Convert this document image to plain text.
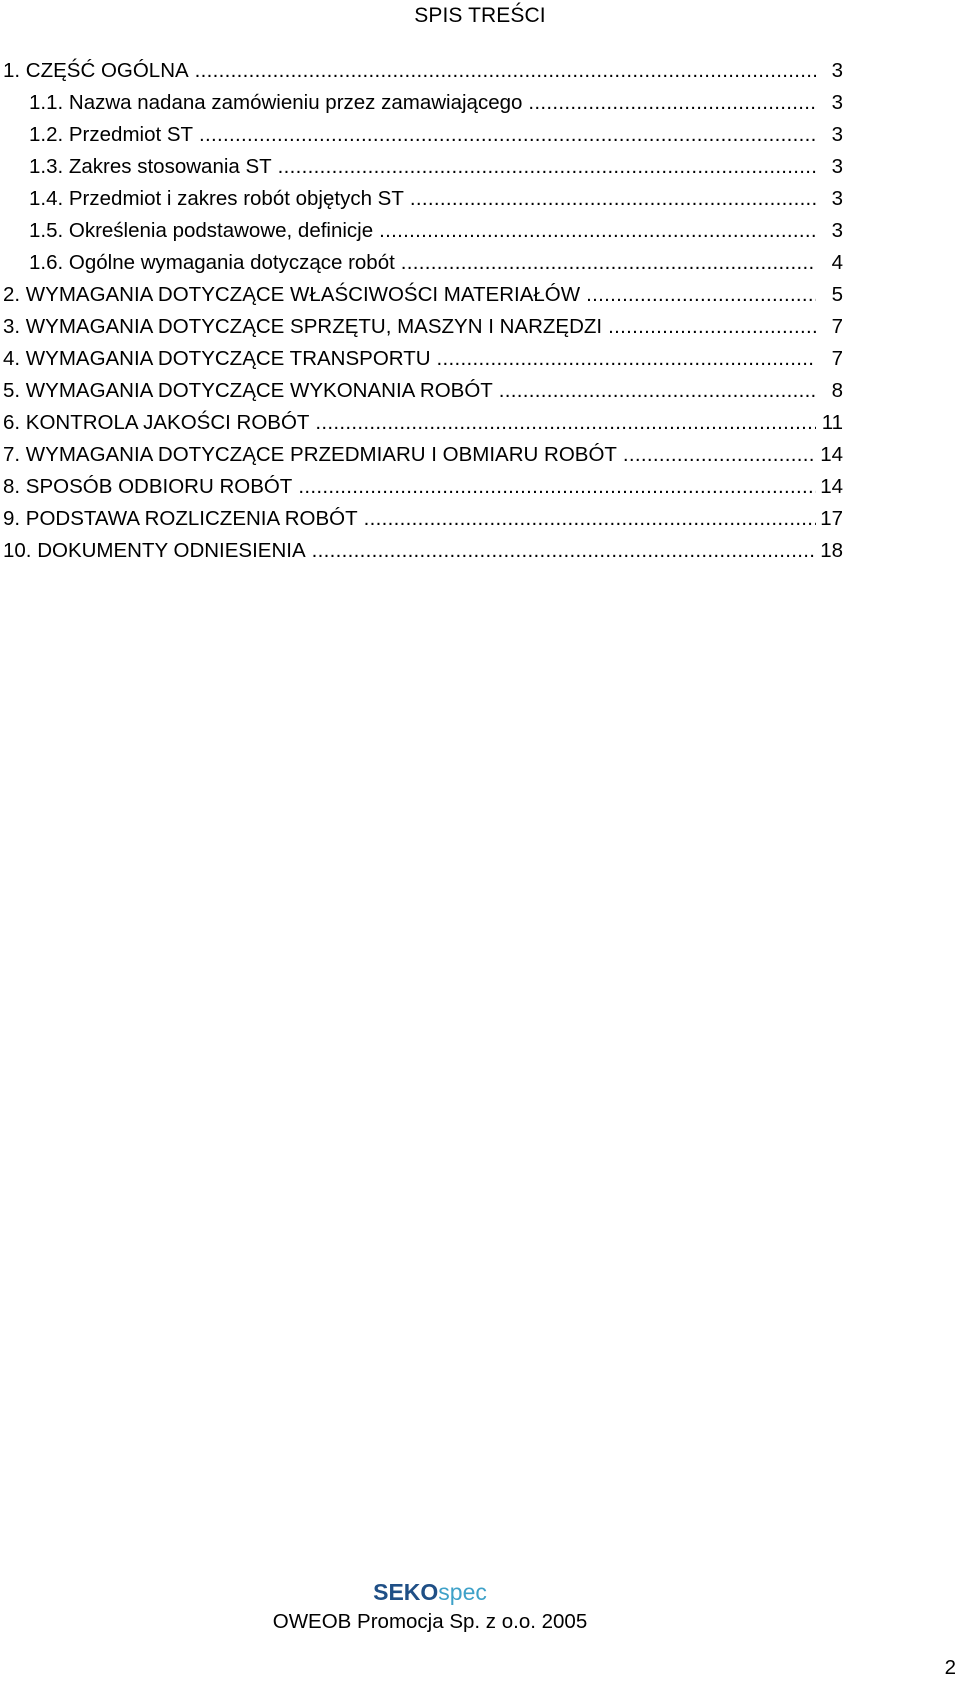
SPIS TREŚCI
1. CZĘŚĆ OGÓLNA .....	3
1.1. Nazwa nadana zamówieniu przez zamawiającego .....	3
1.2. Przedmiot ST .....	3
1.3. Zakres stosowania ST .....	3
1.4. Przedmiot i zakres robót objętych ST .....	3
1.5. Określenia podstawowe, definicje .....	3
1.6. Ogólne wymagania dotyczące robót .....	4
2. WYMAGANIA DOTYCZĄCE WŁAŚCIWOŚCI MATERIAŁÓW .....	5
3. WYMAGANIA DOTYCZĄCE SPRZĘTU, MASZYN I NARZĘDZI .....	7
4. WYMAGANIA DOTYCZĄCE TRANSPORTU .....	7
5. WYMAGANIA DOTYCZĄCE WYKONANIA ROBÓT .....	8
6. KONTROLA JAKOŚCI ROBÓT .....	11
7. WYMAGANIA DOTYCZĄCE PRZEDMIARU I OBMIARU ROBÓT .....	14
8. SPOSÓB ODBIORU ROBÓT .....	14
9. PODSTAWA ROZLICZENIA ROBÓT .....	17
10. DOKUMENTY ODNIESIENIA .....	18
SEKOspec
OWEOB Promocja Sp. z o.o. 2005
2
